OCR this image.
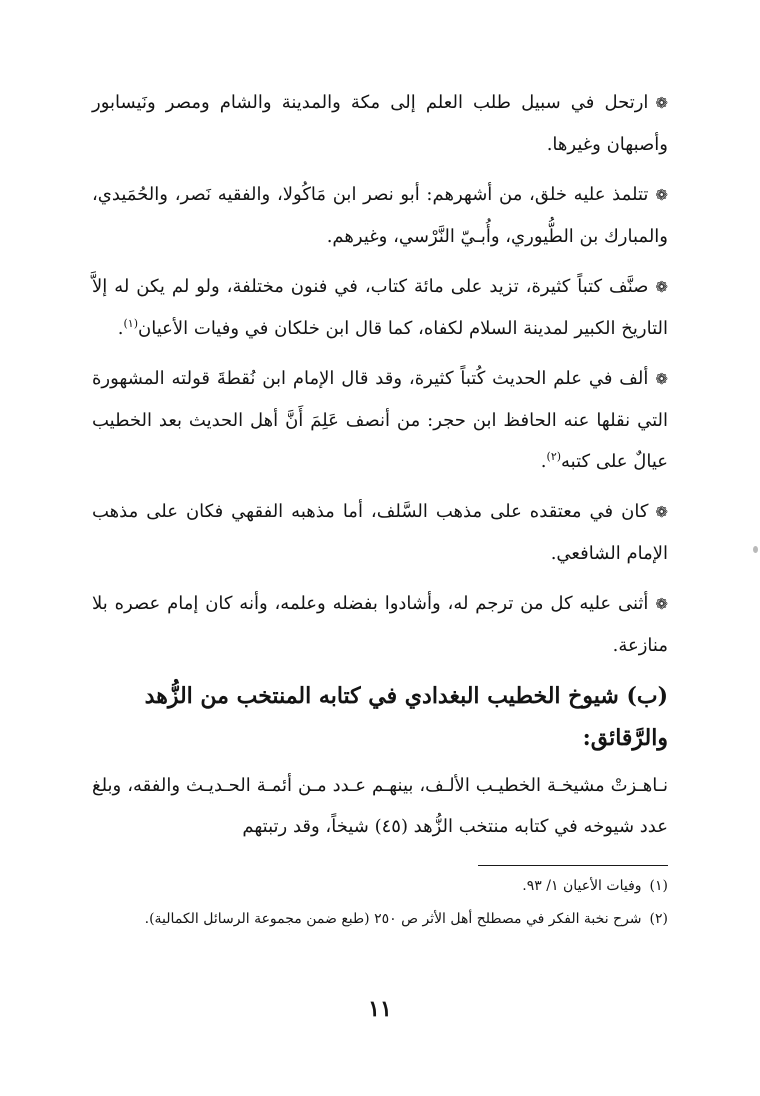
❁ارتحل في سبيل طلب العلم إلى مكة والمدينة والشام ومصر ونَيسابور وأصبهان وغيرها.

❁تتلمذ عليه خلق، من أشهرهم: أبو نصر ابن مَاكُولا، والفقيه نَصر، والحُمَيدي، والمبارك بن الطُّيوري، وأُبـيّ النَّرْسي، وغيرهم.

❁صنَّف كتباً كثيرة، تزيد على مائة كتاب، في فنون مختلفة، ولو لم يكن له إلاَّ التاريخ الكبير لمدينة السلام لكفاه، كما قال ابن خلكان في وفيات الأعيان$^{(١)}$.

❁ألف في علم الحديث كُتباً كثيرة، وقد قال الإمام ابن نُقطةَ قولته المشهورة التي نقلها عنه الحافظ ابن حجر: من أنصف عَلِمَ أَنَّ أهل الحديث بعد الخطيب عيالٌ على كتبه$^{(٢)}$.

❁كان في معتقده على مذهب السَّلف، أما مذهبه الفقهي فكان على مذهب الإمام الشافعي.

❁أثنى عليه كل من ترجم له، وأشادوا بفضله وعلمه، وأنه كان إمام عصره بلا منازعة.

(ب) شيوخ الخطيب البغدادي في كتابه المنتخب من الزُّهد والرَّقائق:

نـاهـزتْ مشيخـة الخطيـب الألـف، بينهـم عـدد مـن أئمـة الحـديـث والفقه، وبلغ عدد شيوخه في كتابه منتخب الزُّهد (٤٥) شيخاً، وقد رتبتهم

(١)وفيات الأعيان ١/ ٩٣.

(٢)شرح نخبة الفكر في مصطلح أهل الأثر ص ٢٥٠ (طبع ضمن مجموعة الرسائل الكمالية).

١١
